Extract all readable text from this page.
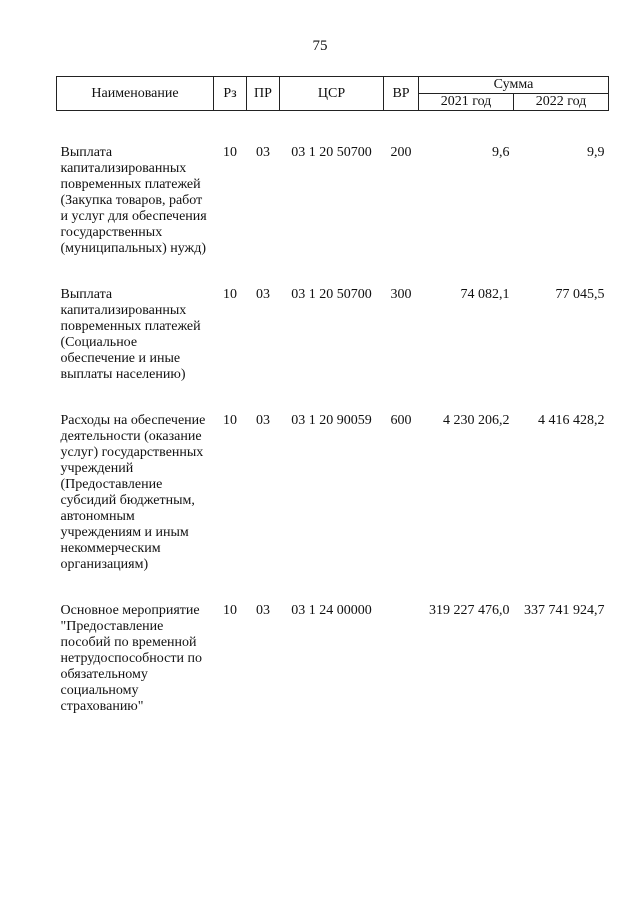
75
Наименование	Рз	ПР	ЦСР	ВР	Сумма	
					2021 год	2022 год

Выплата капитализированных повременных платежей (Закупка товаров, работ и услуг для обеспечения государственных (муниципальных) нужд)	10	03	03 1 20 50700	200	9,6	9,9

Выплата капитализированных повременных платежей (Социальное обеспечение и иные выплаты населению)	10	03	03 1 20 50700	300	74 082,1	77 045,5

Расходы на обеспечение деятельности (оказание услуг) государственных учреждений (Предоставление субсидий бюджетным, автономным учреждениям и иным некоммерческим организациям)	10	03	03 1 20 90059	600	4 230 206,2	4 416 428,2

Основное мероприятие "Предоставление пособий по временной нетрудоспособности по обязательному социальному страхованию"	10	03	03 1 24 00000		319 227 476,0	337 741 924,7
